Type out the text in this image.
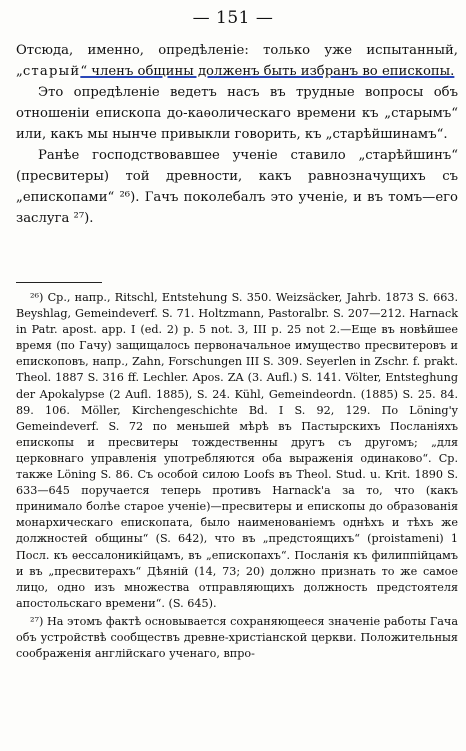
— 151 —

Отсюда, именно, опредѣленіе: только уже испытанный, „старый“ членъ общины долженъ быть избранъ во епископы.

Это опредѣленіе ведетъ насъ въ трудные вопросы объ отношеніи епископа до-каѳолическаго времени къ „старымъ“ или, какъ мы нынче привыкли говорить, къ „старѣйшинамъ“.

Ранѣе господствовавшее ученіе ставило „старѣйшинъ“ (пресвитеры) той древности, какъ равнозначущихъ съ „епископами“ ²⁶). Гачъ поколебалъ это ученіе, и въ томъ—его заслуга ²⁷).

²⁶) Ср., напр., Ritschl, Entstehung S. 350. Weizsäcker, Jahrb. 1873 S. 663. Beyshlag, Gemeindeverf. S. 71. Holtzmann, Pastoralbr. S. 207—212. Harnack in Patr. apost. app. I (ed. 2) p. 5 not. 3, III p. 25 not 2.—Еще въ новѣйшее время (по Гачу) защищалось первоначальное имущество пресвитеровъ и епископовъ, напр., Zahn, Forschungen III S. 309. Seyerlen in Zschr. f. prakt. Theol. 1887 S. 316 ff. Lechler. Apos. ZA (3. Aufl.) S. 141. Völter, Entsteghung der Apokalypse (2 Aufl. 1885), S. 24. Kühl, Gemeindeordn. (1885) S. 25. 84. 89. 106. Möller, Kirchengeschichte Bd. I S. 92, 129. По Löning'y Gemeindeverf. S. 72 по меньшей мѣрѣ въ Пастырскихъ Посланіяхъ епископы и пресвитеры тождественны другъ съ другомъ; „для церковнаго управленія употребляются оба выраженія одинаково“. Ср. также Löning S. 86. Съ особой силою Loofs въ Theol. Stud. u. Krit. 1890 S. 633—645 поручается теперь противъ Harnack'а за то, что (какъ принимало болѣе старое ученіе)—пресвитеры и епископы до образованія монархическаго епископата, было наименованіемъ однѣхъ и тѣхъ же должностей общины“ (S. 642), что въ „предстоящихъ“ (proistameni) 1 Посл. къ ѳессалоникійцамъ, въ „епископахъ“. Посланія къ филиппійцамъ и въ „пресвитерахъ“ Дѣяній (14, 73; 20) должно признать то же самое лицо, одно изъ множества отправляющихъ должность предстоятеля апостольскаго времени“. (S. 645).

²⁷) На этомъ фактѣ основывается сохраняющееся значеніе работы Гача объ устройствѣ сообществъ древне-христіанской церкви. Положительныя соображенія англійскаго ученаго, впро-
